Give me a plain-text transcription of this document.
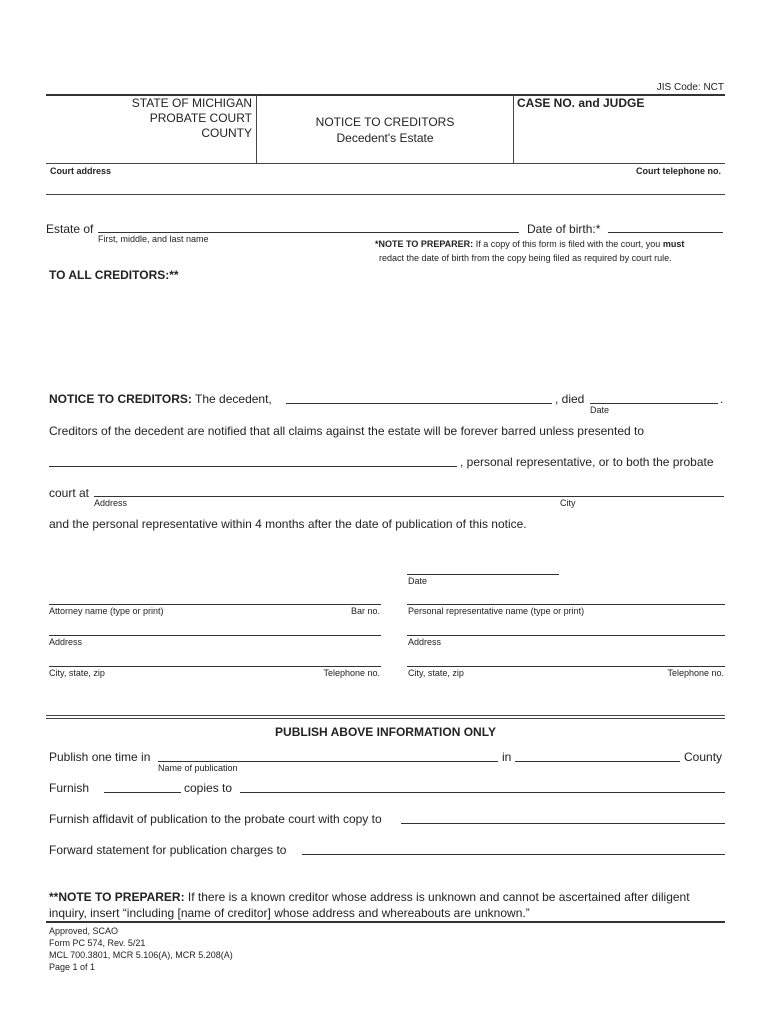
JIS Code: NCT
STATE OF MICHIGAN
PROBATE COURT
COUNTY
NOTICE TO CREDITORS
Decedent's Estate
CASE NO. and JUDGE
Court address	Court telephone no.
Estate of
First, middle, and last name
Date of birth:*
*NOTE TO PREPARER: If a copy of this form is filed with the court, you must
redact the date of birth from the copy being filed as required by court rule.
TO ALL CREDITORS:**
NOTICE TO CREDITORS: The decedent,	, died	.
Date
Creditors of the decedent are notified that all claims against the estate will be forever barred unless presented to
, personal representative, or to both the probate
court at
Address	City
and the personal representative within 4 months after the date of publication of this notice.
Date
Attorney name (type or print)	Bar no.	Personal representative name (type or print)
Address	Address
City, state, zip	Telephone no.	City, state, zip	Telephone no.
PUBLISH ABOVE INFORMATION ONLY
Publish one time in
Name of publication
in	County
Furnish	copies to
Furnish affidavit of publication to the probate court with copy to
Forward statement for publication charges to
**NOTE TO PREPARER: If there is a known creditor whose address is unknown and cannot be ascertained after diligent
inquiry, insert “including [name of creditor] whose address and whereabouts are unknown.”
Approved, SCAO
Form PC 574, Rev. 5/21
MCL 700.3801, MCR 5.106(A), MCR 5.208(A)
Page 1 of 1
